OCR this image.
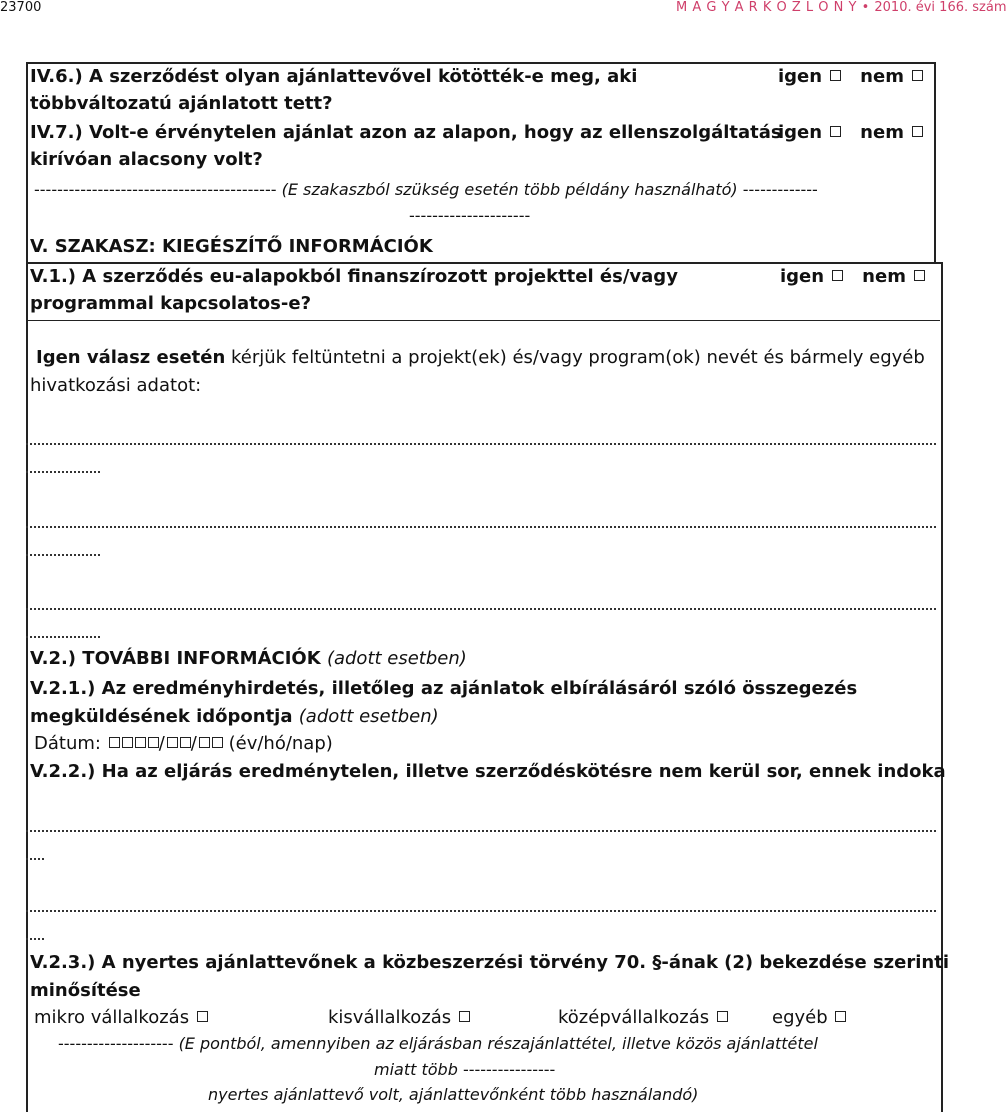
23700	M A G Y A R K Ö Z L Ö N Y • 2010. évi 166. szám
IV.6.) A szerződést olyan ajánlattevővel kötötték-e meg, aki
többváltozatú ajánlatott tett?
igen nem
IV.7.) Volt-e érvénytelen ajánlat azon az alapon, hogy az ellenszolgáltatás
kirívóan alacsony volt?
igen nem
------------------------------------------ (E szakaszból szükség esetén több példány használható) -------------
---------------------
V. SZAKASZ: KIEGÉSZÍTŐ INFORMÁCIÓK
V.1.) A szerződés eu-alapokból finanszírozott projekttel és/vagy
programmal kapcsolatos-e?
igen nem
Igen válasz esetén kérjük feltüntetni a projekt(ek) és/vagy program(ok) nevét és bármely egyéb
hivatkozási adatot:
V.2.) TOVÁBBI INFORMÁCIÓK (adott esetben)
V.2.1.) Az eredményhirdetés, illetőleg az ajánlatok elbírálásáról szóló összegezés
megküldésének időpontja (adott esetben)
Dátum:	/ / (év/hó/nap)
V.2.2.) Ha az eljárás eredménytelen, illetve szerződéskötésre nem kerül sor, ennek indoka
V.2.3.) A nyertes ajánlattevőnek a közbeszerzési törvény 70. §-ának (2) bekezdése szerinti
minősítése
mikro vállalkozás	kisvállalkozás	középvállalkozás	egyéb
-------------------- (E pontból, amennyiben az eljárásban részajánlattétel, illetve közös ajánlattétel
miatt több ----------------
nyertes ajánlattevő volt, ajánlattevőnként több használandó)
